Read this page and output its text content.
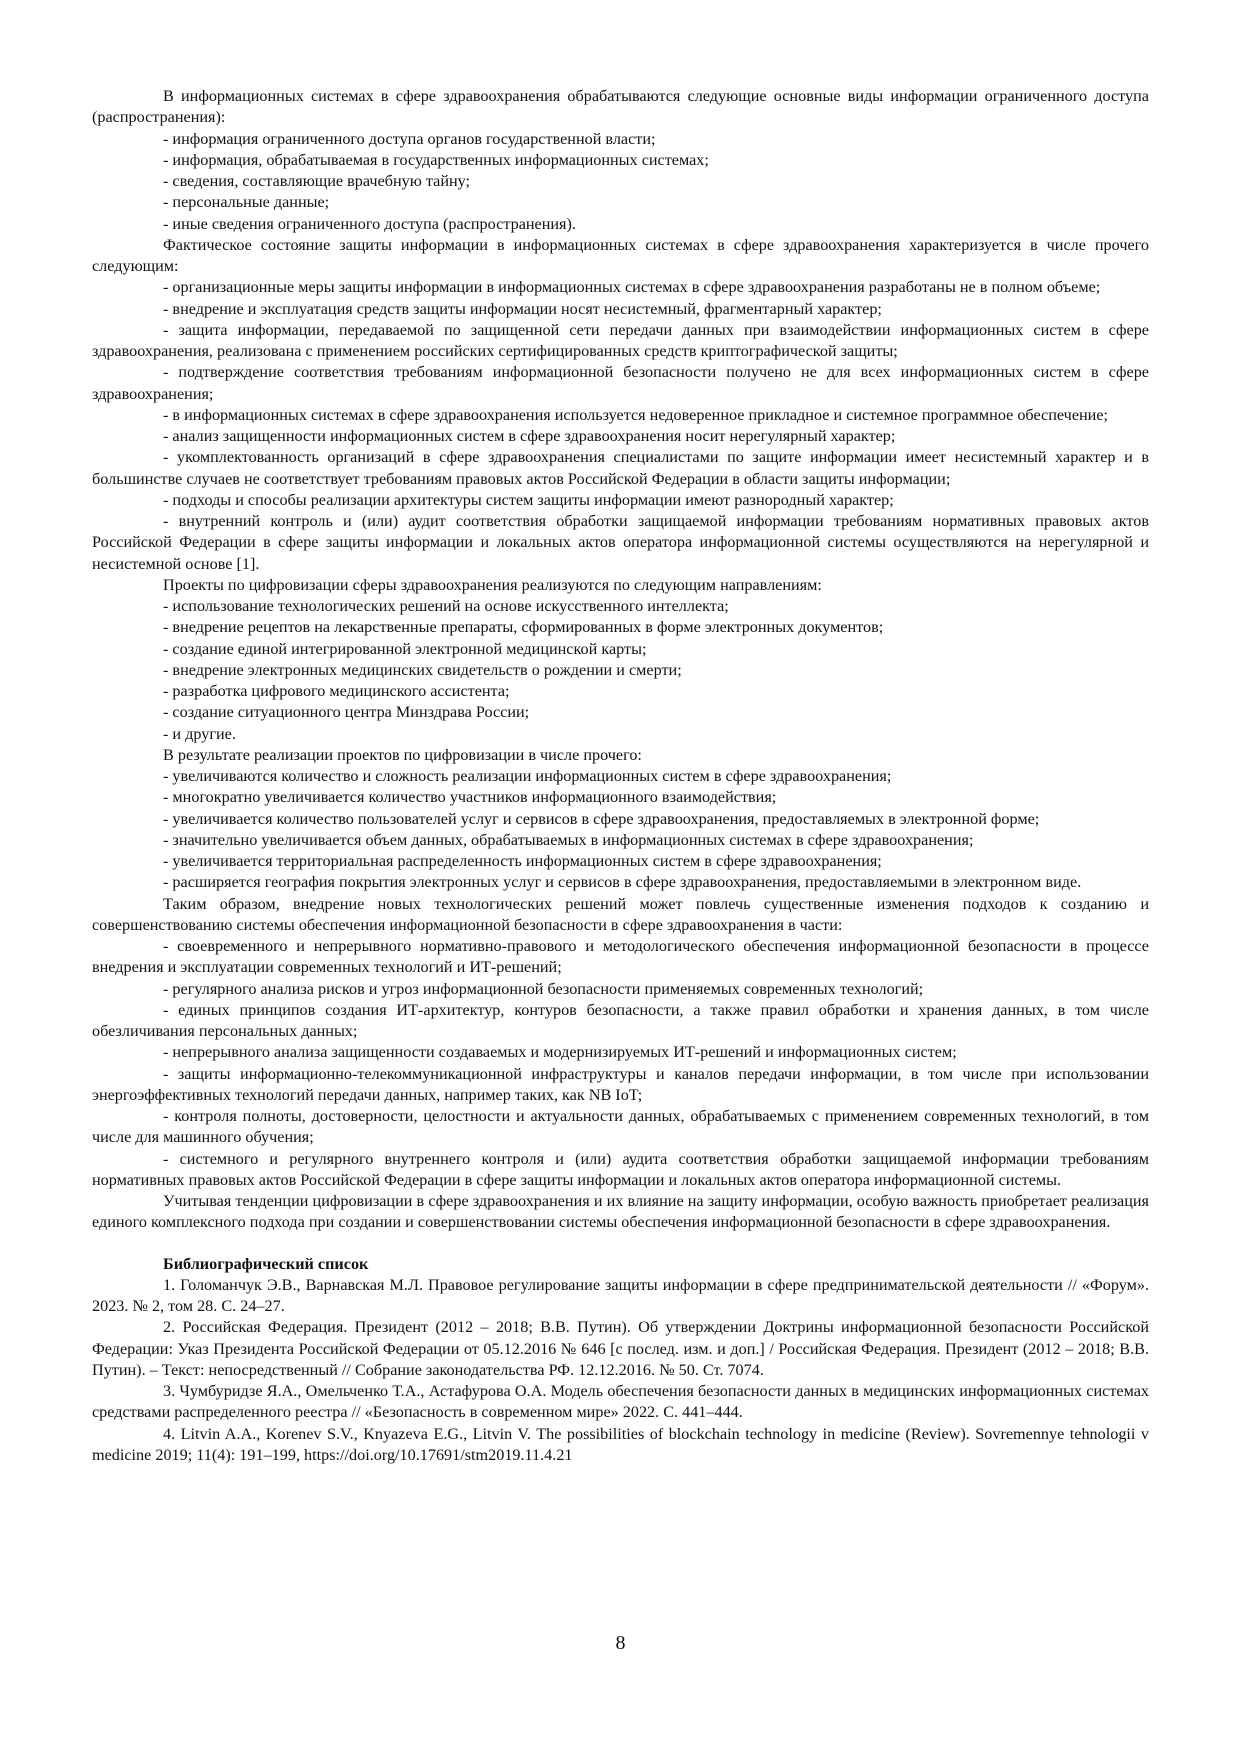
В информационных системах в сфере здравоохранения обрабатываются следующие основные виды информации ограниченного доступа (распространения):

- информация ограниченного доступа органов государственной власти;

- информация, обрабатываемая в государственных информационных системах;

- сведения, составляющие врачебную тайну;

- персональные данные;

- иные сведения ограниченного доступа (распространения).

Фактическое состояние защиты информации в информационных системах в сфере здравоохранения характеризуется в числе прочего следующим:

- организационные меры защиты информации в информационных системах в сфере здравоохранения разработаны не в полном объеме;

- внедрение и эксплуатация средств защиты информации носят несистемный, фрагментарный характер;

- защита информации, передаваемой по защищенной сети передачи данных при взаимодействии информационных систем в сфере здравоохранения, реализована с применением российских сертифицированных средств криптографической защиты;

- подтверждение соответствия требованиям информационной безопасности получено не для всех информационных систем в сфере здравоохранения;

- в информационных системах в сфере здравоохранения используется недоверенное прикладное и системное программное обеспечение;

- анализ защищенности информационных систем в сфере здравоохранения носит нерегулярный характер;

- укомплектованность организаций в сфере здравоохранения специалистами по защите информации имеет несистемный характер и в большинстве случаев не соответствует требованиям правовых актов Российской Федерации в области защиты информации;

- подходы и способы реализации архитектуры систем защиты информации имеют разнородный характер;

- внутренний контроль и (или) аудит соответствия обработки защищаемой информации требованиям нормативных правовых актов Российской Федерации в сфере защиты информации и локальных актов оператора информационной системы осуществляются на нерегулярной и несистемной основе [1].

Проекты по цифровизации сферы здравоохранения реализуются по следующим направлениям:

- использование технологических решений на основе искусственного интеллекта;

- внедрение рецептов на лекарственные препараты, сформированных в форме электронных документов;

- создание единой интегрированной электронной медицинской карты;

- внедрение электронных медицинских свидетельств о рождении и смерти;

- разработка цифрового медицинского ассистента;

- создание ситуационного центра Минздрава России;

- и другие.

В результате реализации проектов по цифровизации в числе прочего:

- увеличиваются количество и сложность реализации информационных систем в сфере здравоохранения;

- многократно увеличивается количество участников информационного взаимодействия;

- увеличивается количество пользователей услуг и сервисов в сфере здравоохранения, предоставляемых в электронной форме;

- значительно увеличивается объем данных, обрабатываемых в информационных системах в сфере здравоохранения;

- увеличивается территориальная распределенность информационных систем в сфере здравоохранения;

- расширяется география покрытия электронных услуг и сервисов в сфере здравоохранения, предоставляемыми в электронном виде.

Таким образом, внедрение новых технологических решений может повлечь существенные изменения подходов к созданию и совершенствованию системы обеспечения информационной безопасности в сфере здравоохранения в части:

- своевременного и непрерывного нормативно-правового и методологического обеспечения информационной безопасности в процессе внедрения и эксплуатации современных технологий и ИТ-решений;

- регулярного анализа рисков и угроз информационной безопасности применяемых современных технологий;

- единых принципов создания ИТ-архитектур, контуров безопасности, а также правил обработки и хранения данных, в том числе обезличивания персональных данных;

- непрерывного анализа защищенности создаваемых и модернизируемых ИТ-решений и информационных систем;

- защиты информационно-телекоммуникационной инфраструктуры и каналов передачи информации, в том числе при использовании энергоэффективных технологий передачи данных, например таких, как NB IoT;

- контроля полноты, достоверности, целостности и актуальности данных, обрабатываемых с применением современных технологий, в том числе для машинного обучения;

- системного и регулярного внутреннего контроля и (или) аудита соответствия обработки защищаемой информации требованиям нормативных правовых актов Российской Федерации в сфере защиты информации и локальных актов оператора информационной системы.

Учитывая тенденции цифровизации в сфере здравоохранения и их влияние на защиту информации, особую важность приобретает реализация единого комплексного подхода при создании и совершенствовании системы обеспечения информационной безопасности в сфере здравоохранения.

Библиографический список

1. Голоманчук Э.В., Варнавская М.Л. Правовое регулирование защиты информации в сфере предпринимательской деятельности // «Форум». 2023. № 2, том 28. С. 24–27.

2. Российская Федерация. Президент (2012 – 2018; В.В. Путин). Об утверждении Доктрины информационной безопасности Российской Федерации: Указ Президента Российской Федерации от 05.12.2016 № 646 [с послед. изм. и доп.] / Российская Федерация. Президент (2012 – 2018; В.В. Путин). – Текст: непосредственный // Собрание законодательства РФ. 12.12.2016. № 50. Ст. 7074.

3. Чумбуридзе Я.А., Омельченко Т.А., Астафурова О.А. Модель обеспечения безопасности данных в медицинских информационных системах средствами распределенного реестра // «Безопасность в современном мире» 2022. С. 441–444.

4. Litvin A.A., Korenev S.V., Knyazeva E.G., Litvin V. The possibilities of blockchain technology in medicine (Review). Sovremennye tehnologii v medicine 2019; 11(4): 191–199, https://doi.org/10.17691/stm2019.11.4.21

8
